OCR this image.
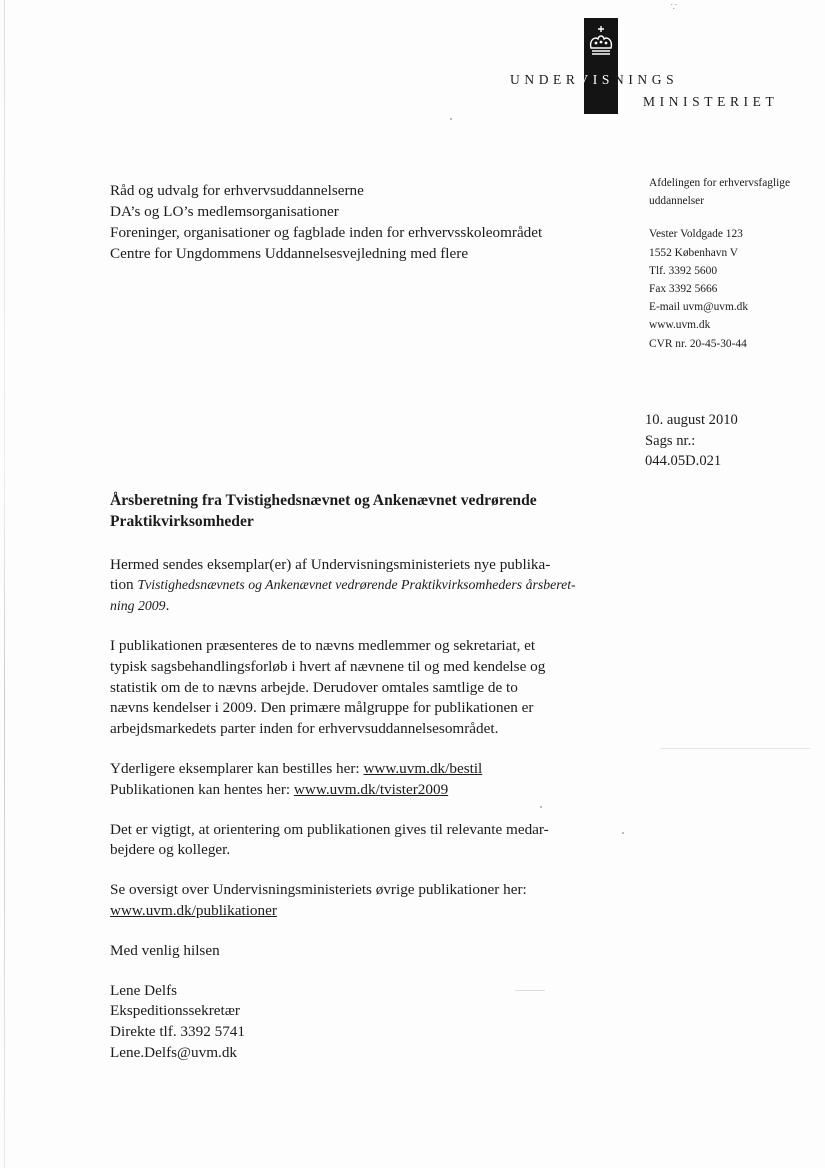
∵
UNDERVISNINGS
MINISTERIET
Råd og udvalg for erhvervsuddannelserne
DA’s og LO’s medlemsorganisationer
Foreninger, organisationer og fagblade inden for erhvervsskoleområdet
Centre for Ungdommens Uddannelsesvejledning med flere
Afdelingen for erhvervsfaglige
uddannelser
Vester Voldgade 123
1552 København V
Tlf. 3392 5600
Fax 3392 5666
E-mail uvm@uvm.dk
www.uvm.dk
CVR nr. 20-45-30-44
10. august 2010
Sags nr.:
044.05D.021
Årsberetning fra Tvistighedsnævnet og Ankenævnet vedrørende
Praktikvirksomheder
Hermed sendes eksemplar(er) af Undervisningsministeriets nye publika-
tion Tvistighedsnævnets og Ankenævnet vedrørende Praktikvirksomheders årsberet-
ning 2009.
I publikationen præsenteres de to nævns medlemmer og sekretariat, et
typisk sagsbehandlingsforløb i hvert af nævnene til og med kendelse og
statistik om de to nævns arbejde. Derudover omtales samtlige de to
nævns kendelser i 2009. Den primære målgruppe for publikationen er
arbejdsmarkedets parter inden for erhvervsuddannelsesområdet.
Yderligere eksemplarer kan bestilles her: www.uvm.dk/bestil
Publikationen kan hentes her: www.uvm.dk/tvister2009
Det er vigtigt, at orientering om publikationen gives til relevante medar-
bejdere og kolleger.
Se oversigt over Undervisningsministeriets øvrige publikationer her:
www.uvm.dk/publikationer
Med venlig hilsen
Lene Delfs
Ekspeditionssekretær
Direkte tlf. 3392 5741
Lene.Delfs@uvm.dk
